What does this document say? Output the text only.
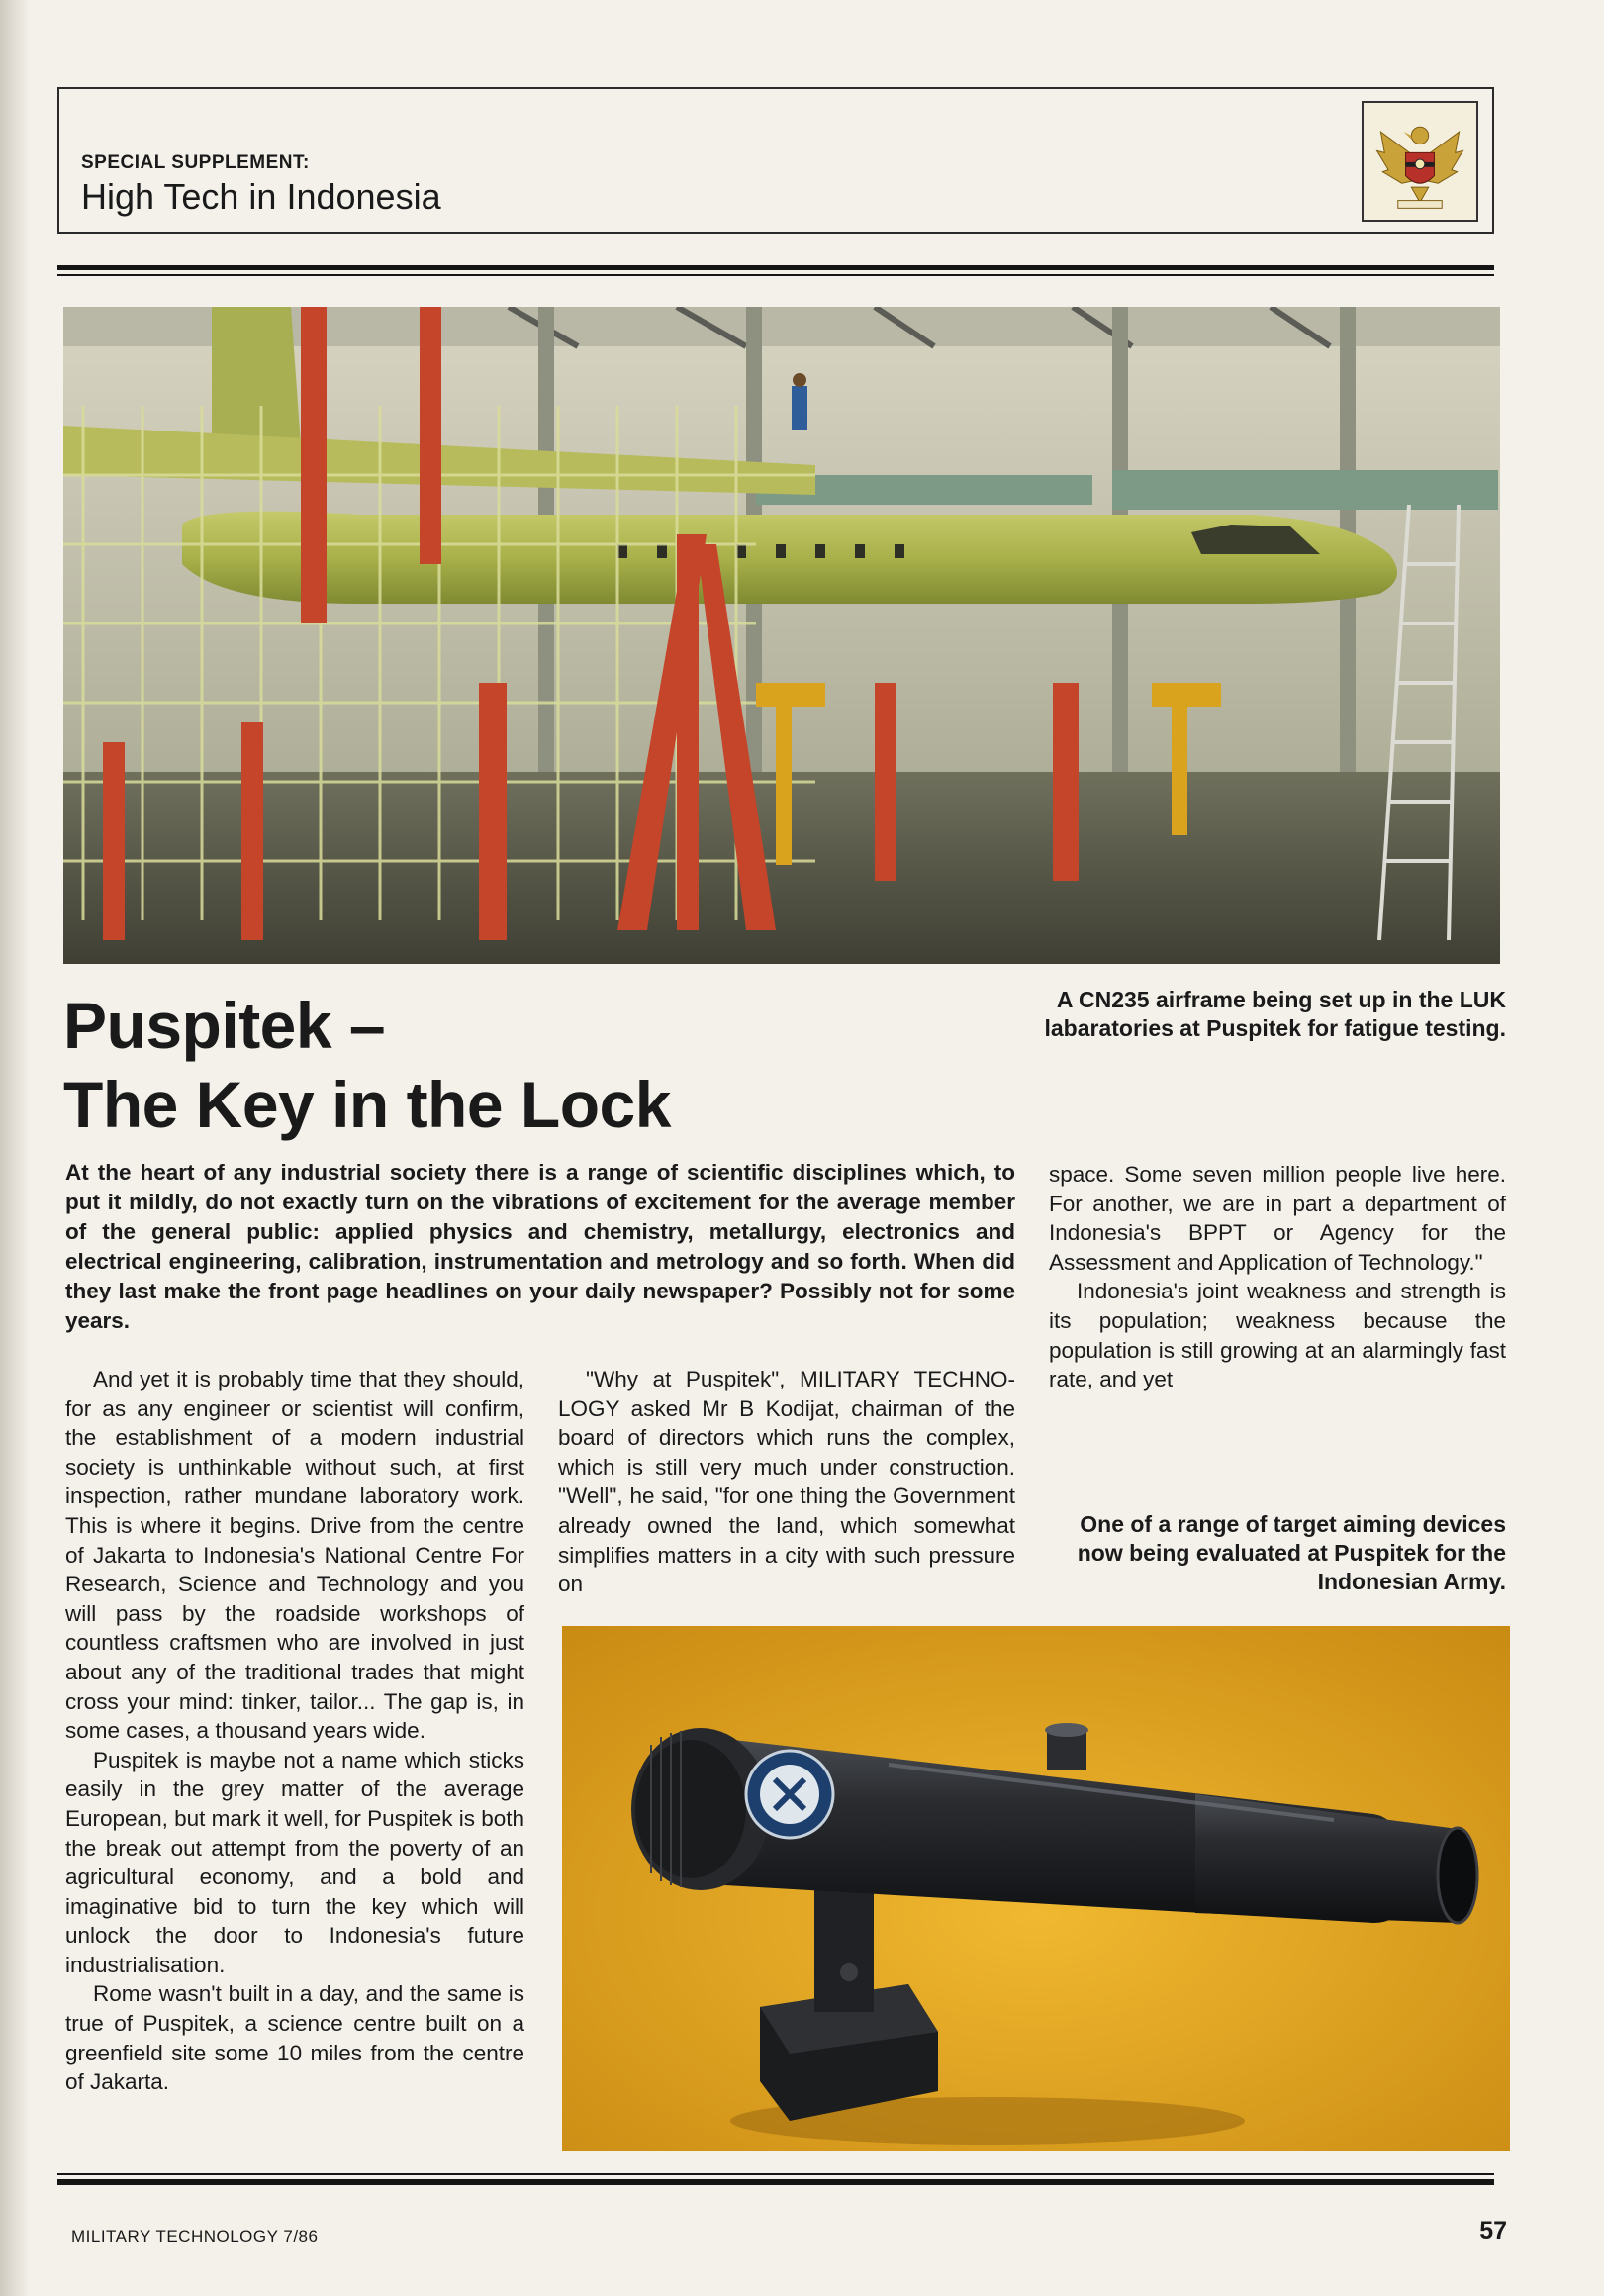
SPECIAL SUPPLEMENT:
High Tech in Indonesia
Puspitek –
The Key in the Lock
A CN235 airframe being set up in the LUK labaratories at Puspitek for fatigue testing.
At the heart of any industrial society there is a range of scientific disciplines which, to put it mildly, do not exactly turn on the vibrations of excitement for the average member of the general public: applied physics and chemistry, metallurgy, electronics and electrical engineering, calibration, instrumentation and metrology and so forth. When did they last make the front page headlines on your daily newspaper? Possibly not for some years.

And yet it is probably time that they should, for as any engineer or scientist will confirm, the establishment of a modern industrial society is unthinkable without such, at first inspection, rather mundane laboratory work. This is where it begins. Drive from the centre of Jakarta to Indonesia's National Centre For Research, Science and Technology and you will pass by the roadside workshops of countless craftsmen who are involved in just about any of the traditional trades that might cross your mind: tinker, tailor... The gap is, in some cases, a thousand years wide.

Puspitek is maybe not a name which sticks easily in the grey matter of the average European, but mark it well, for Puspitek is both the break out attempt from the poverty of an agricultural economy, and a bold and imaginative bid to turn the key which will unlock the door to Indonesia's future industrialisation.

Rome wasn't built in a day, and the same is true of Puspitek, a science centre built on a greenfield site some 10 miles from the centre of Jakarta.

"Why at Puspitek", MILITARY TECHNOLOGY asked Mr B Kodijat, chairman of the board of directors which runs the complex, which is still very much under construction. "Well", he said, "for one thing the Government already owned the land, which somewhat simplifies matters in a city with such pressure on

space. Some seven million people live here. For another, we are in part a department of Indonesia's BPPT or Agency for the Assessment and Application of Technology."

Indonesia's joint weakness and strength is its population; weakness because the population is still growing at an alarmingly fast rate, and yet

One of a range of target aiming devices now being evaluated at Puspitek for the Indonesian Army.
MILITARY TECHNOLOGY 7/86	57
